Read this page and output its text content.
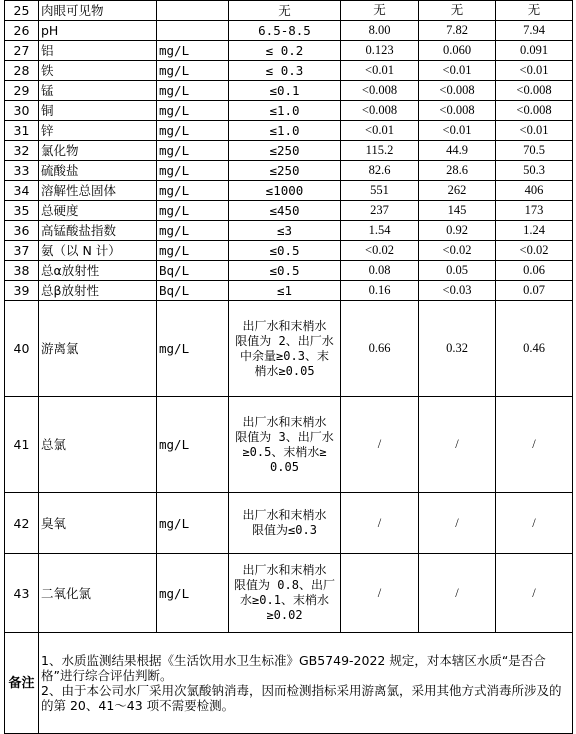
25	肉眼可见物		无	无	无	无
26	pH		6.5-8.5	8.00	7.82	7.94
27	铝	mg/L	≤ 0.2	0.123	0.060	0.091
28	铁	mg/L	≤ 0.3	<0.01	<0.01	<0.01
29	锰	mg/L	≤0.1	<0.008	<0.008	<0.008
30	铜	mg/L	≤1.0	<0.008	<0.008	<0.008
31	锌	mg/L	≤1.0	<0.01	<0.01	<0.01
32	氯化物	mg/L	≤250	115.2	44.9	70.5
33	硫酸盐	mg/L	≤250	82.6	28.6	50.3
34	溶解性总固体	mg/L	≤1000	551	262	406
35	总硬度	mg/L	≤450	237	145	173
36	高锰酸盐指数	mg/L	≤3	1.54	0.92	1.24
37	氨（以 N 计）	mg/L	≤0.5	<0.02	<0.02	<0.02
38	总α放射性	Bq/L	≤0.5	0.08	0.05	0.06
39	总β放射性	Bq/L	≤1	0.16	<0.03	0.07
40	游离氯	mg/L	出厂水和末梢水
限值为 2、出厂水
中余量≥0.3、末
梢水≥0.05	0.66	0.32	0.46
41	总氯	mg/L	出厂水和末梢水
限值为 3、出厂水
≥0.5、末梢水≥
0.05	/	/	/
42	臭氧	mg/L	出厂水和末梢水
限值为≤0.3	/	/	/
43	二氧化氯	mg/L	出厂水和末梢水
限值为 0.8、出厂
水≥0.1、末梢水
≥0.02	/	/	/
备注	1、水质监测结果根据《生活饮用水卫生标准》GB5749-2022 规定，对本辖区水质“是否合格”进行综合评估判断。

2、由于本公司水厂采用次氯酸钠消毒，因而检测指标采用游离氯，采用其他方式消毒所涉及的的第 20、41～43 项不需要检测。					
